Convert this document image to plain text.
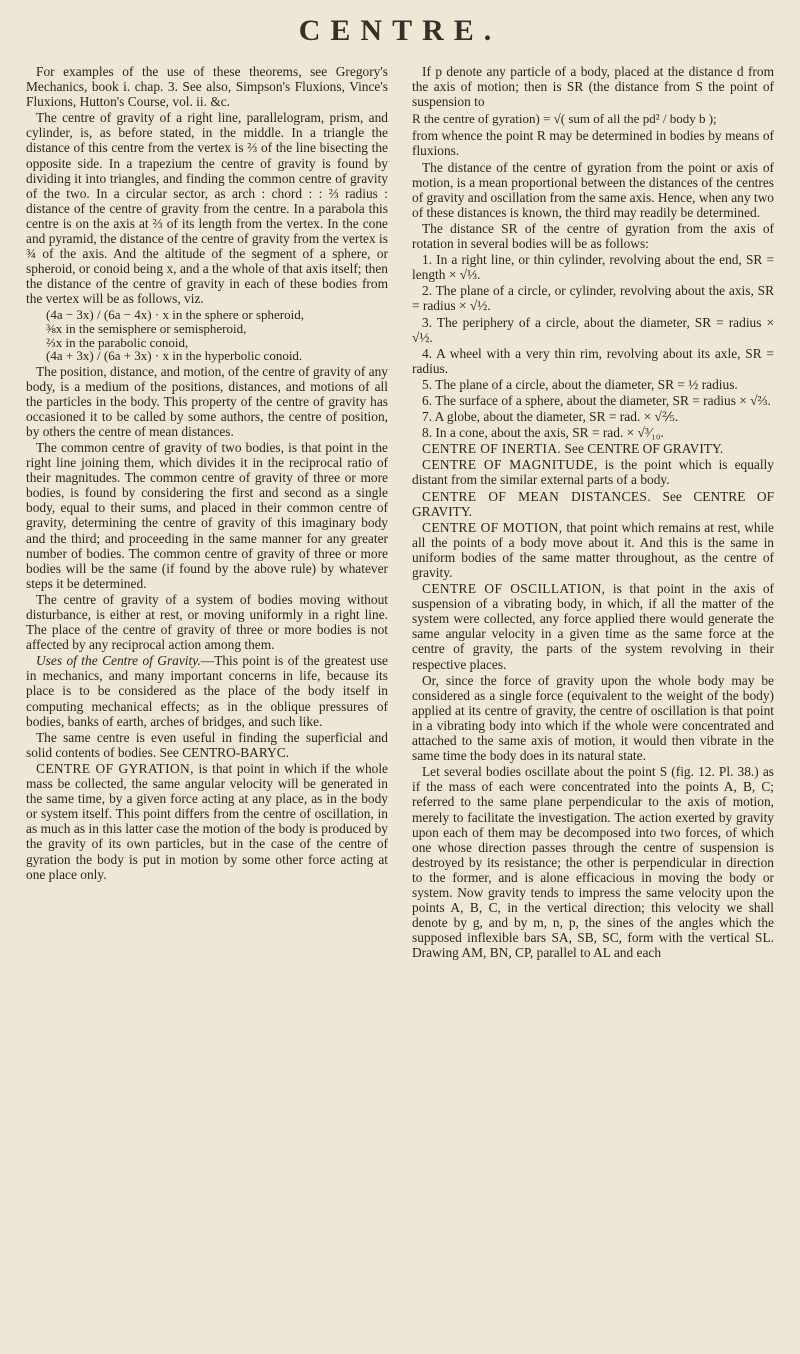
CENTRE.

For examples of the use of these theorems, see Gregory's Mechanics, book i. chap. 3. See also, Simpson's Fluxions, Vince's Fluxions, Hutton's Course, vol. ii. &c.

The centre of gravity of a right line, parallelogram, prism, and cylinder, is, as before stated, in the middle. In a triangle the distance of this centre from the vertex is ⅔ of the line bisecting the opposite side. In a trapezium the centre of gravity is found by dividing it into triangles, and finding the common centre of gravity of the two. In a circular sector, as arch : chord : : ⅔ radius : distance of the centre of gravity from the centre. In a parabola this centre is on the axis at ⅔ of its length from the vertex. In the cone and pyramid, the distance of the centre of gravity from the vertex is ¾ of the axis. And the altitude of the segment of a sphere, or spheroid, or conoid being x, and a the whole of that axis itself; then the distance of the centre of gravity in each of these bodies from the vertex will be as follows, viz.

(4a − 3x) / (6a − 4x) · x in the sphere or spheroid,

⅜x in the semisphere or semispheroid,

⅔x in the parabolic conoid,

(4a + 3x) / (6a + 3x) · x in the hyperbolic conoid.

The position, distance, and motion, of the centre of gravity of any body, is a medium of the positions, distances, and motions of all the particles in the body. This property of the centre of gravity has occasioned it to be called by some authors, the centre of position, by others the centre of mean distances.

The common centre of gravity of two bodies, is that point in the right line joining them, which divides it in the reciprocal ratio of their magnitudes. The common centre of gravity of three or more bodies, is found by considering the first and second as a single body, equal to their sums, and placed in their common centre of gravity, determining the centre of gravity of this imaginary body and the third; and proceeding in the same manner for any greater number of bodies. The common centre of gravity of three or more bodies will be the same (if found by the above rule) by whatever steps it be determined.

The centre of gravity of a system of bodies moving without disturbance, is either at rest, or moving uniformly in a right line. The place of the centre of gravity of three or more bodies is not affected by any reciprocal action among them.

Uses of the Centre of Gravity.—This point is of the greatest use in mechanics, and many important concerns in life, because its place is to be considered as the place of the body itself in computing mechanical effects; as in the oblique pressures of bodies, banks of earth, arches of bridges, and such like.

The same centre is even useful in finding the superficial and solid contents of bodies. See CENTRO-BARYC.

CENTRE OF GYRATION, is that point in which if the whole mass be collected, the same angular velocity will be generated in the same time, by a given force acting at any place, as in the body or system itself. This point differs from the centre of oscillation, in as much as in this latter case the motion of the body is produced by the gravity of its own particles, but in the case of the centre of gyration the body is put in motion by some other force acting at one place only.

If p denote any particle of a body, placed at the distance d from the axis of motion; then is SR (the distance from S the point of suspension to

R the centre of gyration) = √( sum of all the pd² / body b );

from whence the point R may be determined in bodies by means of fluxions.

The distance of the centre of gyration from the point or axis of motion, is a mean proportional between the distances of the centres of gravity and oscillation from the same axis. Hence, when any two of these distances is known, the third may readily be determined.

The distance SR of the centre of gyration from the axis of rotation in several bodies will be as follows:

1. In a right line, or thin cylinder, revolving about the end, SR = length × √⅓.

2. The plane of a circle, or cylinder, revolving about the axis, SR = radius × √½.

3. The periphery of a circle, about the diameter, SR = radius × √½.

4. A wheel with a very thin rim, revolving about its axle, SR = radius.

5. The plane of a circle, about the diameter, SR = ½ radius.

6. The surface of a sphere, about the diameter, SR = radius × √⅔.

7. A globe, about the diameter, SR = rad. × √⅖.

8. In a cone, about the axis, SR = rad. × √³⁄₁₀.

CENTRE OF INERTIA. See CENTRE OF GRAVITY.

CENTRE OF MAGNITUDE, is the point which is equally distant from the similar external parts of a body.

CENTRE OF MEAN DISTANCES. See CENTRE OF GRAVITY.

CENTRE OF MOTION, that point which remains at rest, while all the points of a body move about it. And this is the same in uniform bodies of the same matter throughout, as the centre of gravity.

CENTRE OF OSCILLATION, is that point in the axis of suspension of a vibrating body, in which, if all the matter of the system were collected, any force applied there would generate the same angular velocity in a given time as the same force at the centre of gravity, the parts of the system revolving in their respective places.

Or, since the force of gravity upon the whole body may be considered as a single force (equivalent to the weight of the body) applied at its centre of gravity, the centre of oscillation is that point in a vibrating body into which if the whole were concentrated and attached to the same axis of motion, it would then vibrate in the same time the body does in its natural state.

Let several bodies oscillate about the point S (fig. 12. Pl. 38.) as if the mass of each were concentrated into the points A, B, C; referred to the same plane perpendicular to the axis of motion, merely to facilitate the investigation. The action exerted by gravity upon each of them may be decomposed into two forces, of which one whose direction passes through the centre of suspension is destroyed by its resistance; the other is perpendicular in direction to the former, and is alone efficacious in moving the body or system. Now gravity tends to impress the same velocity upon the points A, B, C, in the vertical direction; this velocity we shall denote by g, and by m, n, p, the sines of the angles which the supposed inflexible bars SA, SB, SC, form with the vertical SL. Drawing AM, BN, CP, parallel to AL and each
